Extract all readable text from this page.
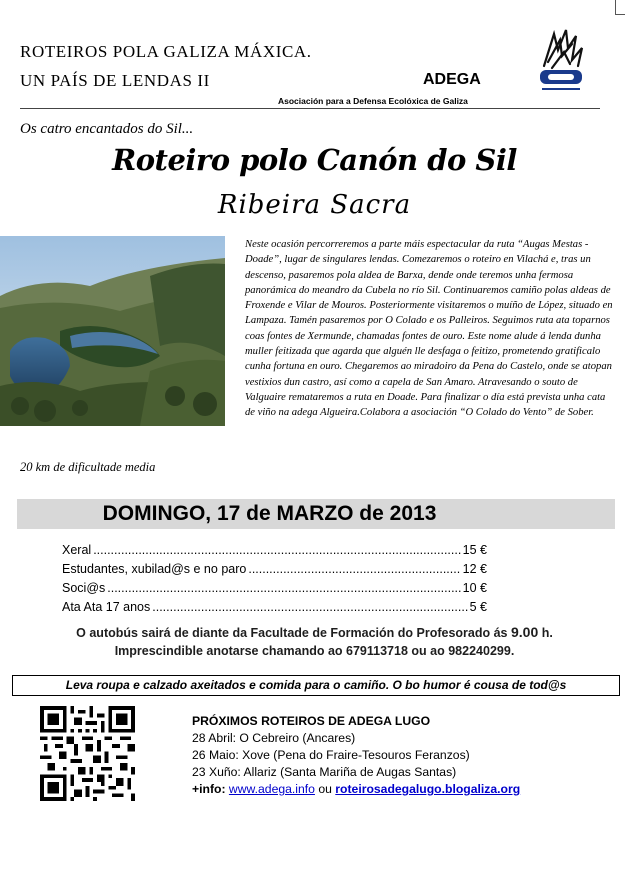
ROTEIROS POLA GALIZA MÁXICA.
UN PAÍS DE LENDAS II	ADEGA
Asociación para a Defensa Ecolóxica de Galiza
Os catro encantados do Sil...
Roteiro polo Canón do Sil
Ribeira Sacra
Neste ocasión percorreremos a parte máis espectacular da ruta “Augas Mestas - Doade”, lugar de singulares lendas. Comezaremos o roteiro en Vilachá e, tras un descenso, pasaremos pola aldea de Barxa, dende onde teremos unha fermosa panorámica do meandro da Cubela no río Sil. Continuaremos camiño polas aldeas de Froxende e Vilar de Mouros. Posteriormente visitaremos o muíño de López, situado en Lampaza. Tamén pasaremos por O Colado e os Palleiros. Seguimos ruta ata toparnos coas fontes de Xermunde, chamadas fontes de ouro. Este nome alude á lenda dunha muller feitizada que agarda que alguén lle desfaga o feitizo, prometendo gratificalo cunha fortuna en ouro. Chegaremos ao miradoiro da Pena do Castelo, onde se atopan vestixios dun castro, así como a capela de San Amaro. Atravesando o souto de Valguaire remataremos a ruta en Doade. Para finalizar o día está prevista unha cata de viño na adega Algueira.Colabora a asociación “O Colado do Vento” de Sober.
20 km de dificultade media
DOMINGO, 17 de MARZO de 2013
Xeral .....	15 €
Estudantes, xubilad@s e no paro .....	12 €
Soci@s .....	10 €
Ata Ata 17 anos .....	5 €
O autobús sairá de diante da Facultade de Formación do Profesorado ás 9.00 h.
Imprescindible anotarse chamando ao 679113718 ou ao 982240299.
Leva roupa e calzado axeitados e comida para o camiño. O bo humor é cousa de tod@s
PRÓXIMOS ROTEIROS DE ADEGA LUGO
28 Abril: O Cebreiro (Ancares)
26 Maio: Xove (Pena do Fraire-Tesouros Feranzos)
23 Xuño: Allariz (Santa Mariña de Augas Santas)
+info: www.adega.info ou roteirosadegalugo.blogaliza.org
